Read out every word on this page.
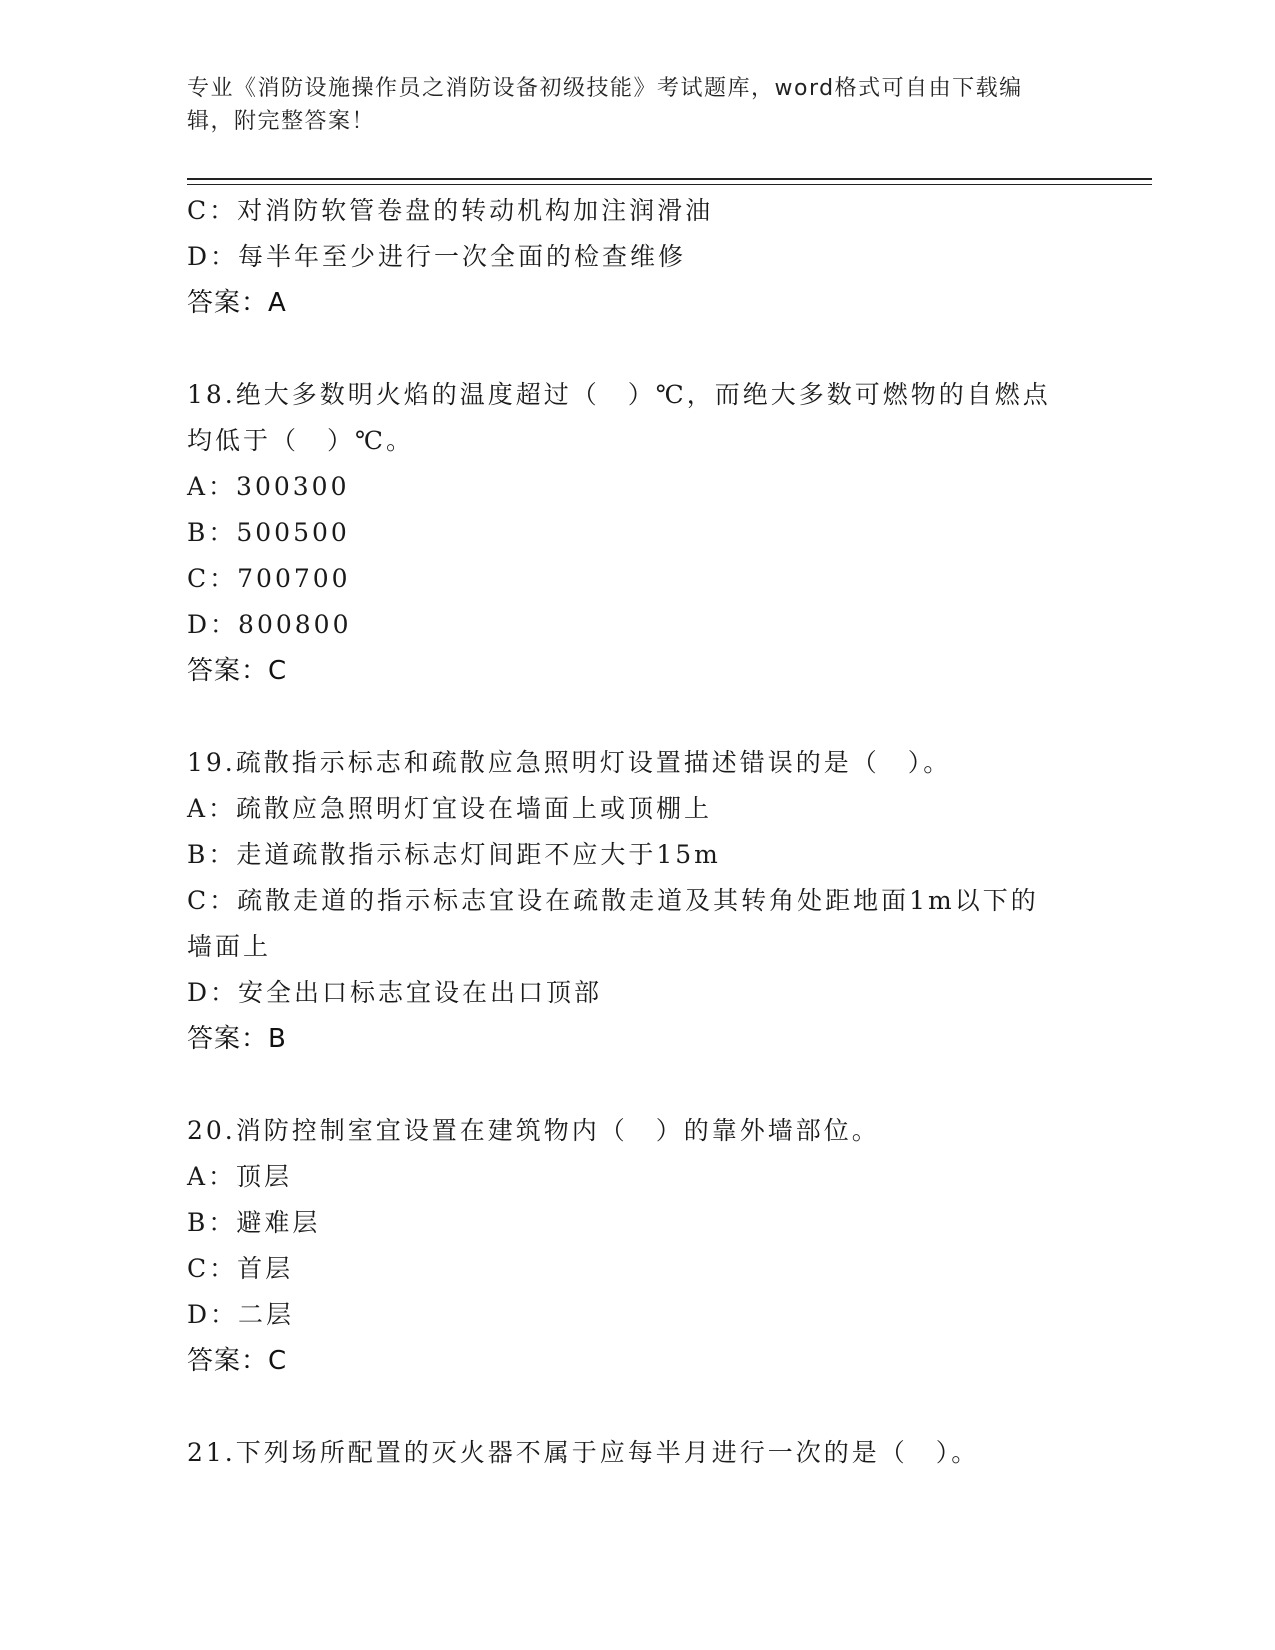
专业《消防设施操作员之消防设备初级技能》考试题库，word格式可自由下载编
辑，附完整答案！
C：对消防软管卷盘的转动机构加注润滑油
D：每半年至少进行一次全面的检查维修
答案：A
18.绝大多数明火焰的温度超过（　）℃，而绝大多数可燃物的自燃点
均低于（　）℃。
A：300300
B：500500
C：700700
D：800800
答案：C
19.疏散指示标志和疏散应急照明灯设置描述错误的是（　）。
A：疏散应急照明灯宜设在墙面上或顶棚上
B：走道疏散指示标志灯间距不应大于15m
C：疏散走道的指示标志宜设在疏散走道及其转角处距地面1m以下的
墙面上
D：安全出口标志宜设在出口顶部
答案：B
20.消防控制室宜设置在建筑物内（　）的靠外墙部位。
A：顶层
B：避难层
C：首层
D：二层
答案：C
21.下列场所配置的灭火器不属于应每半月进行一次的是（　）。
